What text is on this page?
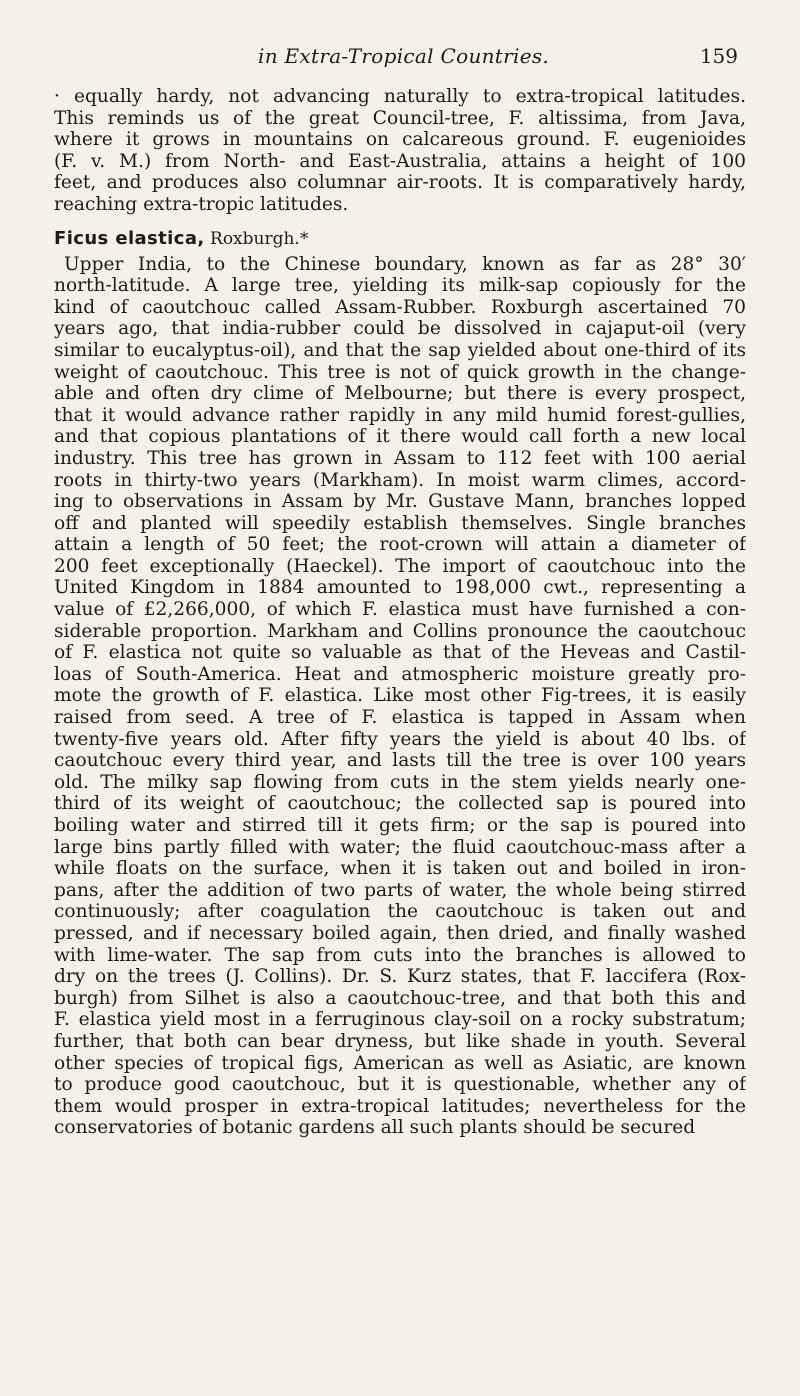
in Extra-Tropical Countries.	159
· equally hardy, not advancing naturally to extra-tropical latitudes.
This reminds us of the great Council-tree, F. altissima, from Java,
where it grows in mountains on calcareous ground. F. eugenioides
(F. v. M.) from North- and East-Australia, attains a height of 100
feet, and produces also columnar air-roots. It is comparatively hardy,
reaching extra-tropic latitudes.
Ficus elastica, Roxburgh.*
Upper India, to the Chinese boundary, known as far as 28° 30′
north-latitude. A large tree, yielding its milk-sap copiously for the
kind of caoutchouc called Assam-Rubber. Roxburgh ascertained 70
years ago, that india-rubber could be dissolved in cajaput-oil (very
similar to eucalyptus-oil), and that the sap yielded about one-third of its
weight of caoutchouc. This tree is not of quick growth in the change-
able and often dry clime of Melbourne; but there is every prospect,
that it would advance rather rapidly in any mild humid forest-gullies,
and that copious plantations of it there would call forth a new local
industry. This tree has grown in Assam to 112 feet with 100 aerial
roots in thirty-two years (Markham). In moist warm climes, accord-
ing to observations in Assam by Mr. Gustave Mann, branches lopped
off and planted will speedily establish themselves. Single branches
attain a length of 50 feet; the root-crown will attain a diameter of
200 feet exceptionally (Haeckel). The import of caoutchouc into the
United Kingdom in 1884 amounted to 198,000 cwt., representing a
value of £2,266,000, of which F. elastica must have furnished a con-
siderable proportion. Markham and Collins pronounce the caoutchouc
of F. elastica not quite so valuable as that of the Heveas and Castil-
loas of South-America. Heat and atmospheric moisture greatly pro-
mote the growth of F. elastica. Like most other Fig-trees, it is easily
raised from seed. A tree of F. elastica is tapped in Assam when
twenty-five years old. After fifty years the yield is about 40 lbs. of
caoutchouc every third year, and lasts till the tree is over 100 years
old. The milky sap flowing from cuts in the stem yields nearly one-
third of its weight of caoutchouc; the collected sap is poured into
boiling water and stirred till it gets firm; or the sap is poured into
large bins partly filled with water; the fluid caoutchouc-mass after a
while floats on the surface, when it is taken out and boiled in iron-
pans, after the addition of two parts of water, the whole being stirred
continuously; after coagulation the caoutchouc is taken out and
pressed, and if necessary boiled again, then dried, and finally washed
with lime-water. The sap from cuts into the branches is allowed to
dry on the trees (J. Collins). Dr. S. Kurz states, that F. laccifera (Rox-
burgh) from Silhet is also a caoutchouc-tree, and that both this and
F. elastica yield most in a ferruginous clay-soil on a rocky substratum;
further, that both can bear dryness, but like shade in youth. Several
other species of tropical figs, American as well as Asiatic, are known
to produce good caoutchouc, but it is questionable, whether any of
them would prosper in extra-tropical latitudes; nevertheless for the
conservatories of botanic gardens all such plants should be secured
